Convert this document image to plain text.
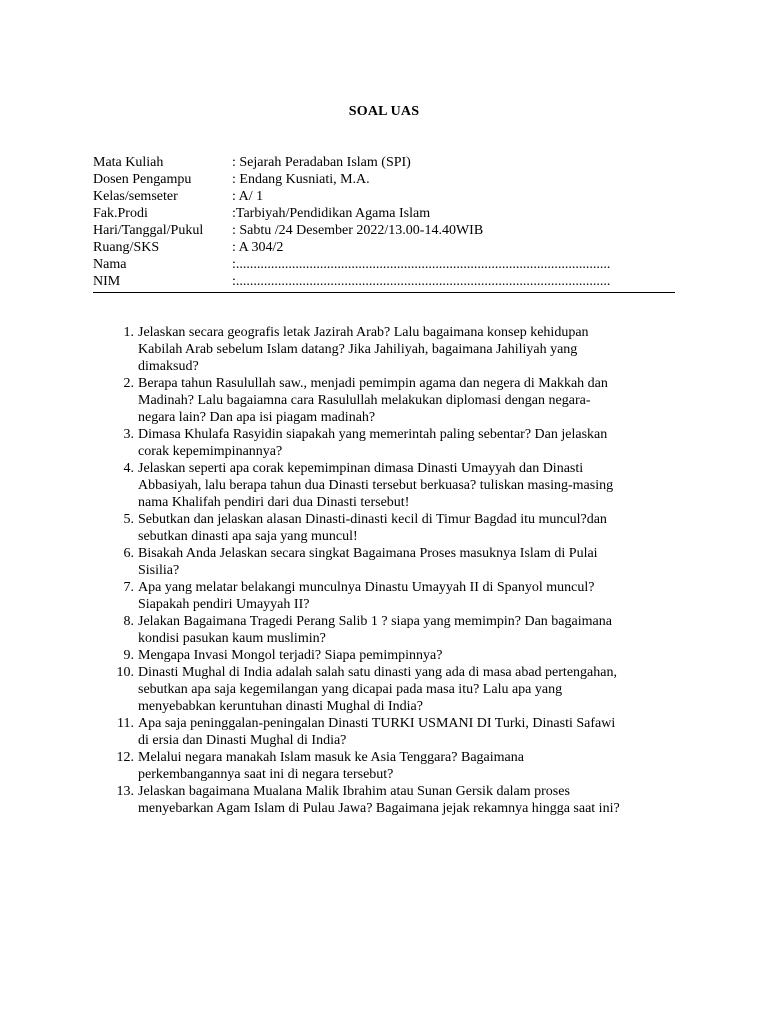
SOAL UAS
Mata Kuliah	: Sejarah Peradaban Islam (SPI)
Dosen Pengampu	: Endang Kusniati, M.A.
Kelas/semseter	: A/ 1
Fak.Prodi	:Tarbiyah/Pendidikan Agama Islam
Hari/Tanggal/Pukul	: Sabtu /24 Desember 2022/13.00-14.40WIB
Ruang/SKS	: A 304/2
Nama	:...........................................................................................................
NIM	:...........................................................................................................
1. Jelaskan secara geografis letak Jazirah Arab? Lalu bagaimana konsep kehidupan
Kabilah Arab sebelum Islam datang? Jika Jahiliyah, bagaimana Jahiliyah yang
dimaksud?
2. Berapa tahun Rasulullah saw., menjadi pemimpin agama dan negera di Makkah dan
Madinah? Lalu bagaiamna cara Rasulullah melakukan diplomasi dengan negara-
negara lain? Dan apa isi piagam madinah?
3. Dimasa Khulafa Rasyidin siapakah yang memerintah paling sebentar? Dan jelaskan
corak kepemimpinannya?
4. Jelaskan seperti apa corak kepemimpinan dimasa Dinasti Umayyah dan Dinasti
Abbasiyah, lalu berapa tahun dua Dinasti tersebut berkuasa? tuliskan masing-masing
nama Khalifah pendiri dari dua Dinasti tersebut!
5. Sebutkan dan jelaskan alasan Dinasti-dinasti kecil di Timur Bagdad itu muncul?dan
sebutkan dinasti apa saja yang muncul!
6. Bisakah Anda Jelaskan secara singkat Bagaimana Proses masuknya Islam di Pulai
Sisilia?
7. Apa yang melatar belakangi munculnya Dinastu Umayyah II di Spanyol muncul?
Siapakah pendiri Umayyah II?
8. Jelakan Bagaimana Tragedi Perang Salib 1 ? siapa yang memimpin? Dan bagaimana
kondisi pasukan kaum muslimin?
9. Mengapa Invasi Mongol terjadi? Siapa pemimpinnya?
10. Dinasti Mughal di India adalah salah satu dinasti yang ada di masa abad pertengahan,
sebutkan apa saja kegemilangan yang dicapai pada masa itu? Lalu apa yang
menyebabkan keruntuhan dinasti Mughal di India?
11. Apa saja peninggalan-peningalan Dinasti TURKI USMANI DI Turki, Dinasti Safawi
di ersia dan Dinasti Mughal di India?
12. Melalui negara manakah Islam masuk ke Asia Tenggara? Bagaimana
perkembangannya saat ini di negara tersebut?
13. Jelaskan bagaimana Mualana Malik Ibrahim atau Sunan Gersik dalam proses
menyebarkan Agam Islam di Pulau Jawa? Bagaimana jejak rekamnya hingga saat ini?
